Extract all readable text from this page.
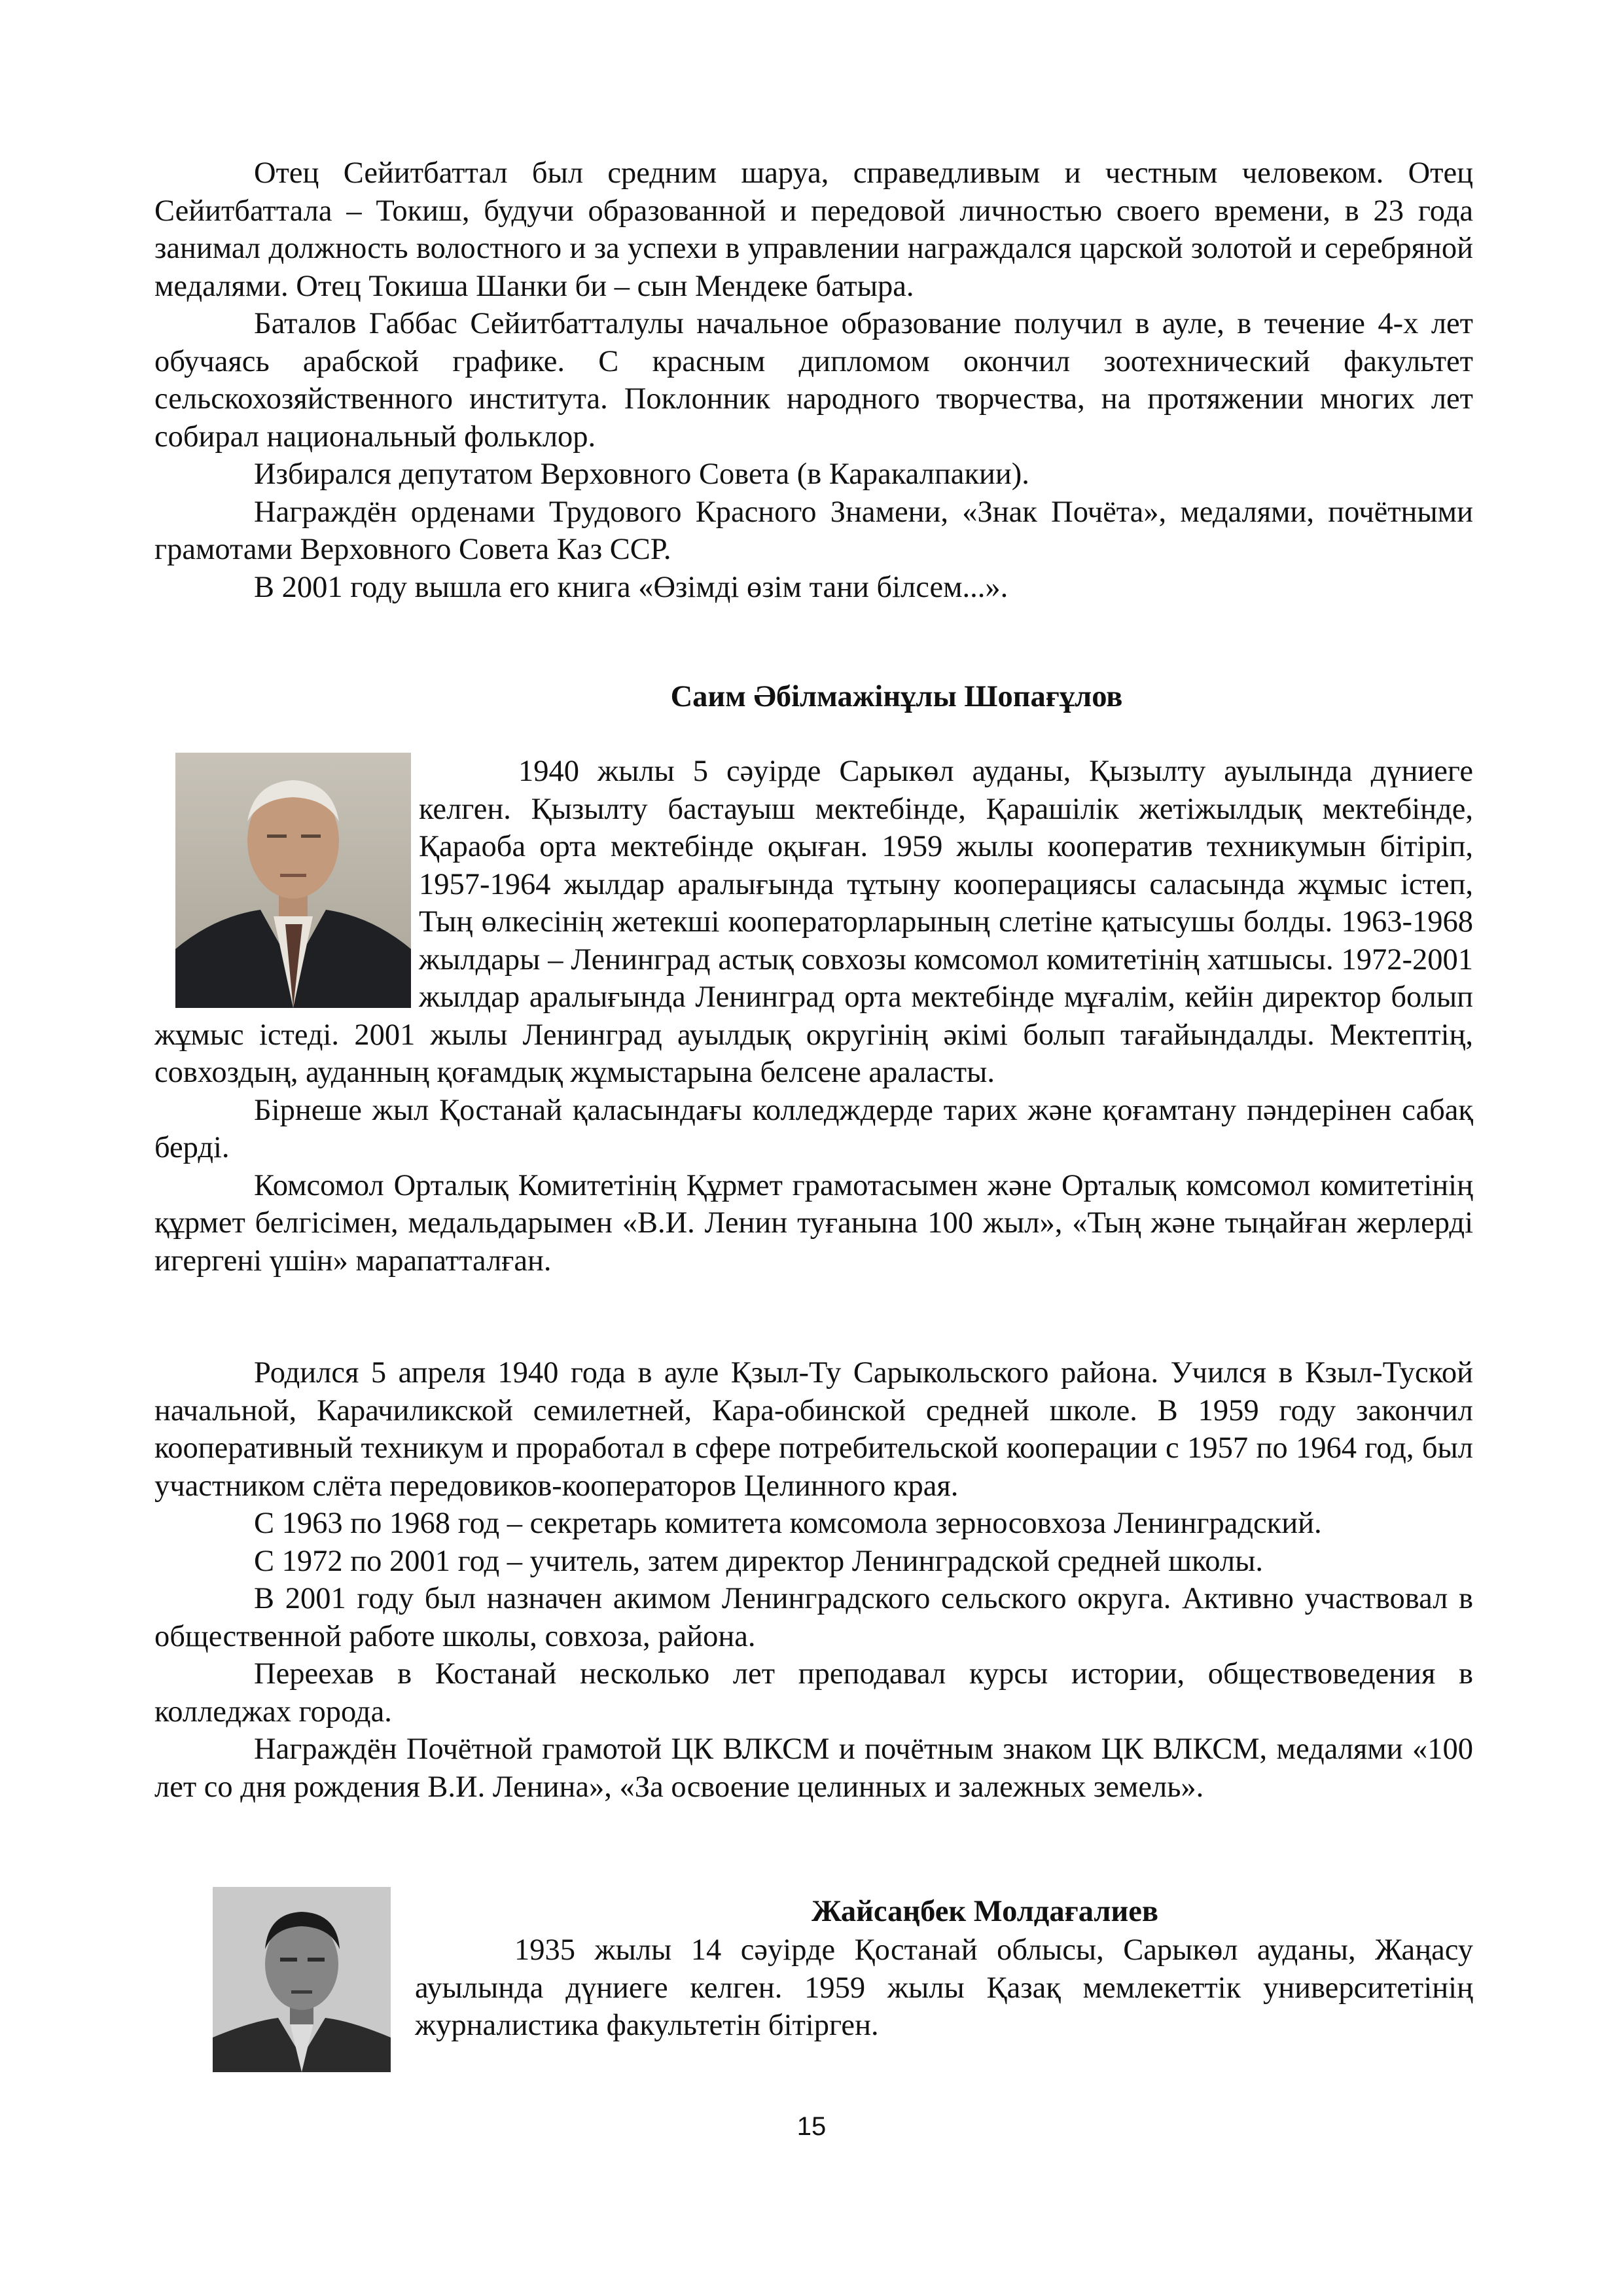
Отец Сейитбаттал был средним шаруа, справедливым и честным человеком. Отец Сейитбаттала – Токиш, будучи образованной и передовой личностью своего времени, в 23 года занимал должность волостного и за успехи в управлении награждался царской золотой и серебряной медалями. Отец Токиша Шанки би – сын Мендеке батыра.

Баталов Габбас Сейитбатталулы начальное образование получил в ауле, в течение 4-х лет обучаясь арабской графике. С красным дипломом окончил зоотехнический факультет сельскохозяйственного института. Поклонник народного творчества, на протяжении многих лет собирал национальный фольклор.

Избирался депутатом Верховного Совета (в Каракалпакии).

Награждён орденами Трудового Красного Знамени, «Знак Почёта», медалями, почётными грамотами Верховного Совета Каз ССР.

В 2001 году вышла его книга «Өзімді өзім тани білсем...».

Саим Әбілмажінұлы Шопағұлов

1940 жылы 5 сәуірде Сарыкөл ауданы, Қызылту ауылында дүниеге келген. Қызылту бастауыш мектебінде, Қарашілік жетіжылдық мектебінде, Қараоба орта мектебінде оқыған. 1959 жылы кооператив техникумын бітіріп, 1957-1964 жылдар аралығында тұтыну кооперациясы саласында жұмыс істеп, Тың өлкесінің жетекші кооператорларының слетіне қатысушы болды. 1963-1968 жылдары – Ленинград астық совхозы комсомол комитетінің хатшысы. 1972-2001 жылдар аралығында Ленинград орта мектебінде мұғалім, кейін директор болып жұмыс істеді. 2001 жылы Ленинград ауылдық округінің әкімі болып тағайындалды. Мектептің, совхоздың, ауданның қоғамдық жұмыстарына белсене араласты.

Бірнеше жыл Қостанай қаласындағы колледждерде тарих және қоғамтану пәндерінен сабақ берді.

Комсомол Орталық Комитетінің Құрмет грамотасымен және Орталық комсомол комитетінің құрмет белгісімен, медальдарымен «В.И. Ленин туғанына 100 жыл», «Тың және тыңайған жерлерді игергені үшін» марапатталған.

Родился 5 апреля 1940 года в ауле Қзыл-Ту Сарыкольского района. Учился в Кзыл-Туской начальной, Карачиликской семилетней, Кара-обинской средней школе. В 1959 году закончил кооперативный техникум и проработал в сфере потребительской кооперации с 1957 по 1964 год, был участником слёта передовиков-кооператоров Целинного края.

С 1963 по 1968 год – секретарь комитета комсомола зерносовхоза Ленинградский.

С 1972 по 2001 год – учитель, затем директор Ленинградской средней школы.

В 2001 году был назначен акимом Ленинградского сельского округа. Активно участвовал в общественной работе школы, совхоза, района.

Переехав в Костанай несколько лет преподавал курсы истории, обществоведения в колледжах города.

Награждён Почётной грамотой ЦК ВЛКСМ и почётным знаком ЦК ВЛКСМ, медалями «100 лет со дня рождения В.И. Ленина», «За освоение целинных и залежных земель».

Жайсаңбек Молдағалиев

1935 жылы 14 сәуірде Қостанай облысы, Сарыкөл ауданы, Жаңасу ауылында дүниеге келген. 1959 жылы Қазақ мемлекеттік университетінің журналистика факультетін бітірген.

15
